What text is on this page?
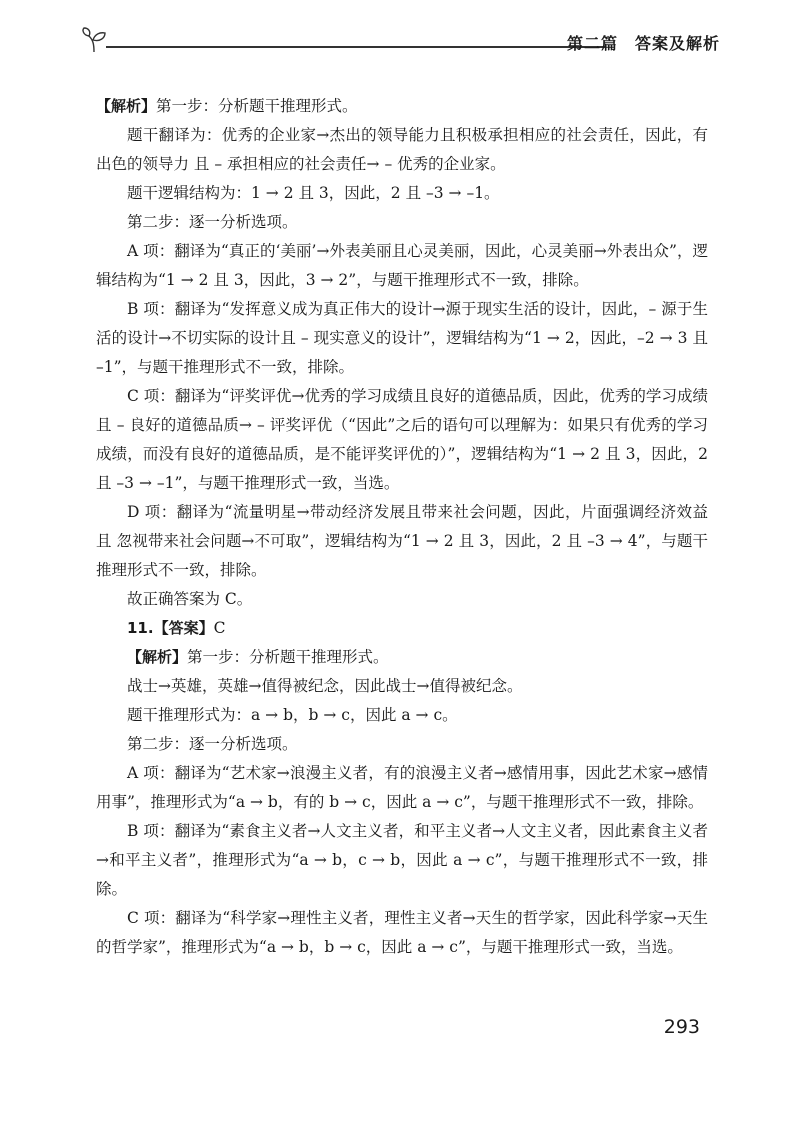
第二篇　答案及解析

【解析】第一步：分析题干推理形式。

题干翻译为：优秀的企业家→杰出的领导能力且积极承担相应的社会责任，因此，有出色的领导力 且 – 承担相应的社会责任→ – 优秀的企业家。

题干逻辑结构为：1 → 2 且 3，因此，2 且 –3 → –1。

第二步：逐一分析选项。

A 项：翻译为“真正的‘美丽’→外表美丽且心灵美丽，因此，心灵美丽→外表出众”，逻辑结构为“1 → 2 且 3，因此，3 → 2”，与题干推理形式不一致，排除。

B 项：翻译为“发挥意义成为真正伟大的设计→源于现实生活的设计，因此，– 源于生活的设计→不切实际的设计且 – 现实意义的设计”，逻辑结构为“1 → 2，因此，–2 → 3 且 –1”，与题干推理形式不一致，排除。

C 项：翻译为“评奖评优→优秀的学习成绩且良好的道德品质，因此，优秀的学习成绩 且 – 良好的道德品质→ – 评奖评优（“因此”之后的语句可以理解为：如果只有优秀的学习成绩，而没有良好的道德品质，是不能评奖评优的）”，逻辑结构为“1 → 2 且 3，因此，2 且 –3 → –1”，与题干推理形式一致，当选。

D 项：翻译为“流量明星→带动经济发展且带来社会问题，因此，片面强调经济效益 且 忽视带来社会问题→不可取”，逻辑结构为“1 → 2 且 3，因此，2 且 –3 → 4”，与题干推理形式不一致，排除。

故正确答案为 C。

11.【答案】C

【解析】第一步：分析题干推理形式。

战士→英雄，英雄→值得被纪念，因此战士→值得被纪念。

题干推理形式为：a → b，b → c，因此 a → c。

第二步：逐一分析选项。

A 项：翻译为“艺术家→浪漫主义者，有的浪漫主义者→感情用事，因此艺术家→感情用事”，推理形式为“a → b，有的 b → c，因此 a → c”，与题干推理形式不一致，排除。

B 项：翻译为“素食主义者→人文主义者，和平主义者→人文主义者，因此素食主义者→和平主义者”，推理形式为“a → b，c → b，因此 a → c”，与题干推理形式不一致，排除。

C 项：翻译为“科学家→理性主义者，理性主义者→天生的哲学家，因此科学家→天生的哲学家”，推理形式为“a → b，b → c，因此 a → c”，与题干推理形式一致，当选。

293
